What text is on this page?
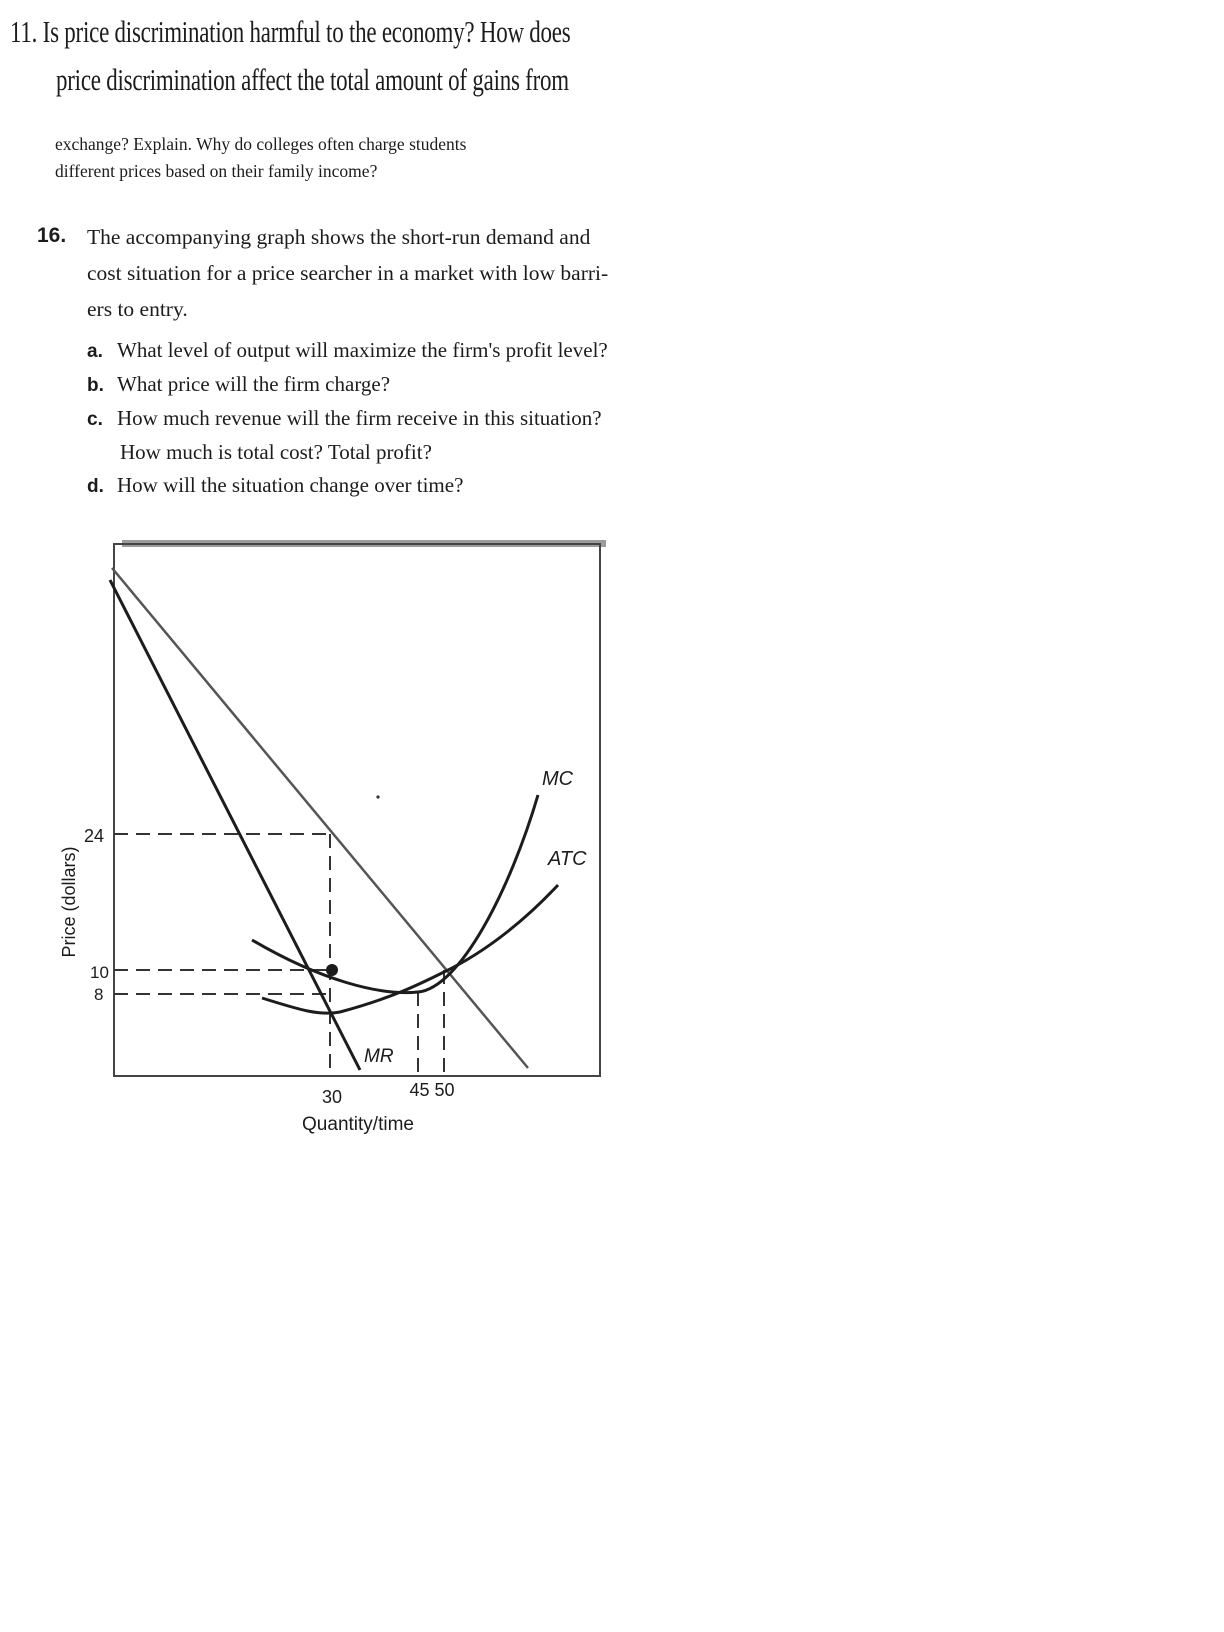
11. Is price discrimination harmful to the economy? How does
price discrimination affect the total amount of gains from
exchange? Explain. Why do colleges often charge students
different prices based on their family income?
16. The accompanying graph shows the short-run demand and
cost situation for a price searcher in a market with low barri-
ers to entry.
a. What level of output will maximize the firm's profit level?
b. What price will the firm charge?
c. How much revenue will the firm receive in this situation?
How much is total cost? Total profit?
d. How will the situation change over time?
MC
ATC
MR
24
10
8
Price (dollars)
30	45 50
Quantity/time
